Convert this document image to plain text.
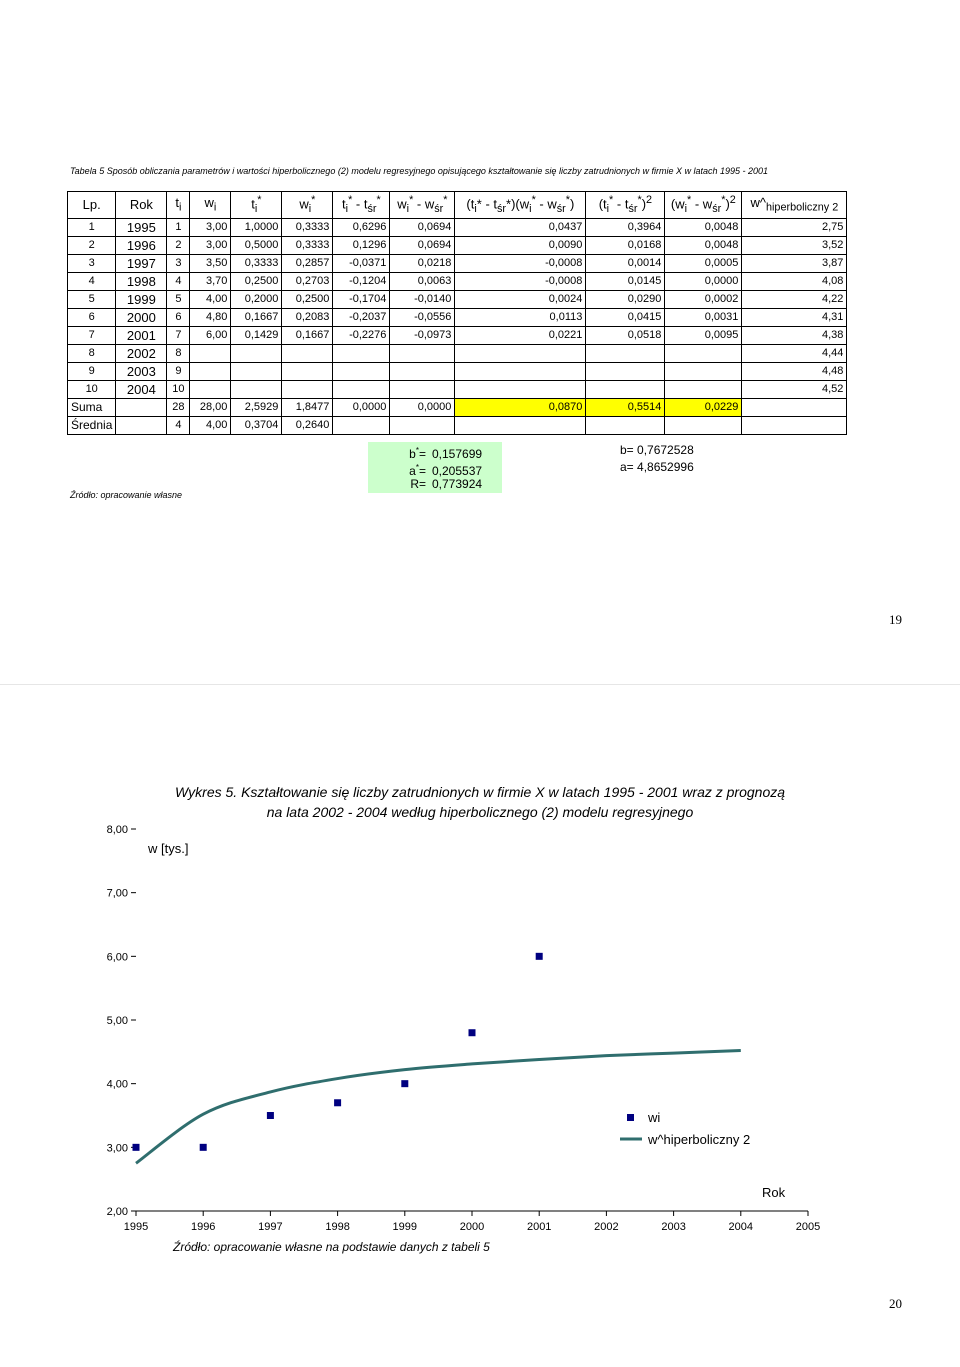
Tabela 5 Sposób obliczania parametrów i wartości hiperbolicznego (2) modelu regresyjnego opisującego kształtowanie się liczby zatrudnionych w firmie X w latach 1995 - 2001
Lp.	Rok	$t_i$	$w_i$	$t_i^*$	$w_i^*$	$t_i^* - t_{śr}^*$	$w_i^* - w_{śr}^*$	$(t_i* - t_{śr}*)(w_i^* - w_{śr}^*)$	$(t_i^* - t_{śr}^*)^2$	$(w_i^* - w_{śr}^*)^2$	$w\^{}_{hiperboliczny 2}$
1	1995	1	3,00	1,0000	0,3333	0,6296	0,0694	0,0437	0,3964	0,0048	2,75
2	1996	2	3,00	0,5000	0,3333	0,1296	0,0694	0,0090	0,0168	0,0048	3,52
3	1997	3	3,50	0,3333	0,2857	-0,0371	0,0218	-0,0008	0,0014	0,0005	3,87
4	1998	4	3,70	0,2500	0,2703	-0,1204	0,0063	-0,0008	0,0145	0,0000	4,08
5	1999	5	4,00	0,2000	0,2500	-0,1704	-0,0140	0,0024	0,0290	0,0002	4,22
6	2000	6	4,80	0,1667	0,2083	-0,2037	-0,0556	0,0113	0,0415	0,0031	4,31
7	2001	7	6,00	0,1429	0,1667	-0,2276	-0,0973	0,0221	0,0518	0,0095	4,38
8	2002	8									4,44
9	2003	9									4,48
10	2004	10									4,52
Suma		28	28,00	2,5929	1,8477	0,0000	0,0000	0,0870	0,5514	0,0229	
Średnia		4	4,00	0,3704	0,2640						
Źródło: opracowanie własne
b*= 0,157699
a*= 0,205537
R= 0,773924
b= 0,7672528
a= 4,8652996
19
Wykres 5. Kształtowanie się liczby zatrudnionych w firmie X w latach 1995 - 2001 wraz z prognozą
na lata 2002 - 2004 według hiperbolicznego (2) modelu regresyjnego
2,00
3,00
4,00
5,00
6,00
7,00
8,00
1995	1996	1997	1998	1999	2000	2001	2002	2003	2004	2005
w [tys.]
Rok
wi
w^hiperboliczny 2
Źródło: opracowanie własne na podstawie danych z tabeli 5
20
